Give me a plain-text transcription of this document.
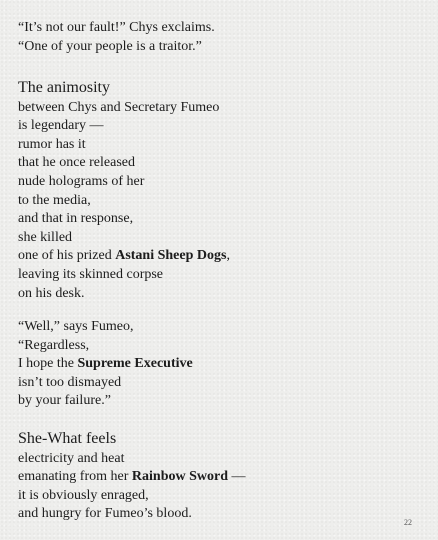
“It’s not our fault!” Chys exclaims.
“One of your people is a traitor.”
The animosity
between Chys and Secretary Fumeo
is legendary —
rumor has it
that he once released
nude holograms of her
to the media,
and that in response,
she killed
one of his prized Astani Sheep Dogs,
leaving its skinned corpse
on his desk.
“Well,” says Fumeo,
“Regardless,
I hope the Supreme Executive
isn’t too dismayed
by your failure.”
She-What feels
electricity and heat
emanating from her Rainbow Sword —
it is obviously enraged,
and hungry for Fumeo’s blood.
22
